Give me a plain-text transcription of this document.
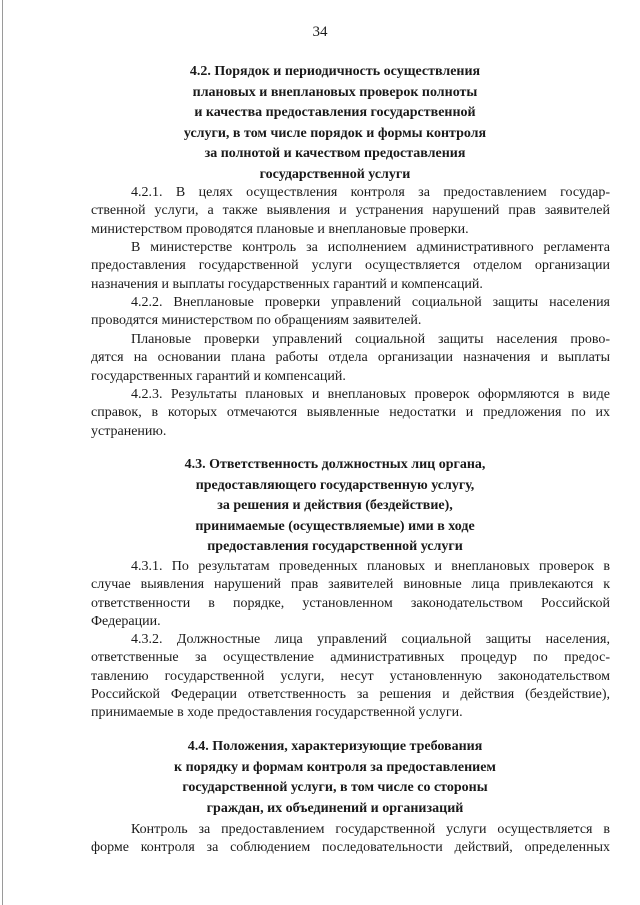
34
4.2. Порядок и периодичность осуществления
плановых и внеплановых проверок полноты
и качества предоставления государственной
услуги, в том числе порядок и формы контроля
за полнотой и качеством предоставления
государственной услуги
4.2.1. В целях осуществления контроля за предоставлением государ-
ственной услуги, а также выявления и устранения нарушений прав заявителей
министерством проводятся плановые и внеплановые проверки.
В министерстве контроль за исполнением административного регламента
предоставления государственной услуги осуществляется отделом организации
назначения и выплаты государственных гарантий и компенсаций.
4.2.2. Внеплановые проверки управлений социальной защиты населения
проводятся министерством по обращениям заявителей.
Плановые проверки управлений социальной защиты населения прово-
дятся на основании плана работы отдела организации назначения и выплаты
государственных гарантий и компенсаций.
4.2.3. Результаты плановых и внеплановых проверок оформляются в виде
справок, в которых отмечаются выявленные недостатки и предложения по их
устранению.
4.3. Ответственность должностных лиц органа,
предоставляющего государственную услугу,
за решения и действия (бездействие),
принимаемые (осуществляемые) ими в ходе
предоставления государственной услуги
4.3.1. По результатам проведенных плановых и внеплановых проверок в
случае выявления нарушений прав заявителей виновные лица привлекаются к
ответственности в порядке, установленном законодательством Российской
Федерации.
4.3.2. Должностные лица управлений социальной защиты населения,
ответственные за осуществление административных процедур по предос-
тавлению государственной услуги, несут установленную законодательством
Российской Федерации ответственность за решения и действия (бездействие),
принимаемые в ходе предоставления государственной услуги.
4.4. Положения, характеризующие требования
к порядку и формам контроля за предоставлением
государственной услуги, в том числе со стороны
граждан, их объединений и организаций
Контроль за предоставлением государственной услуги осуществляется в
форме контроля за соблюдением последовательности действий, определенных
